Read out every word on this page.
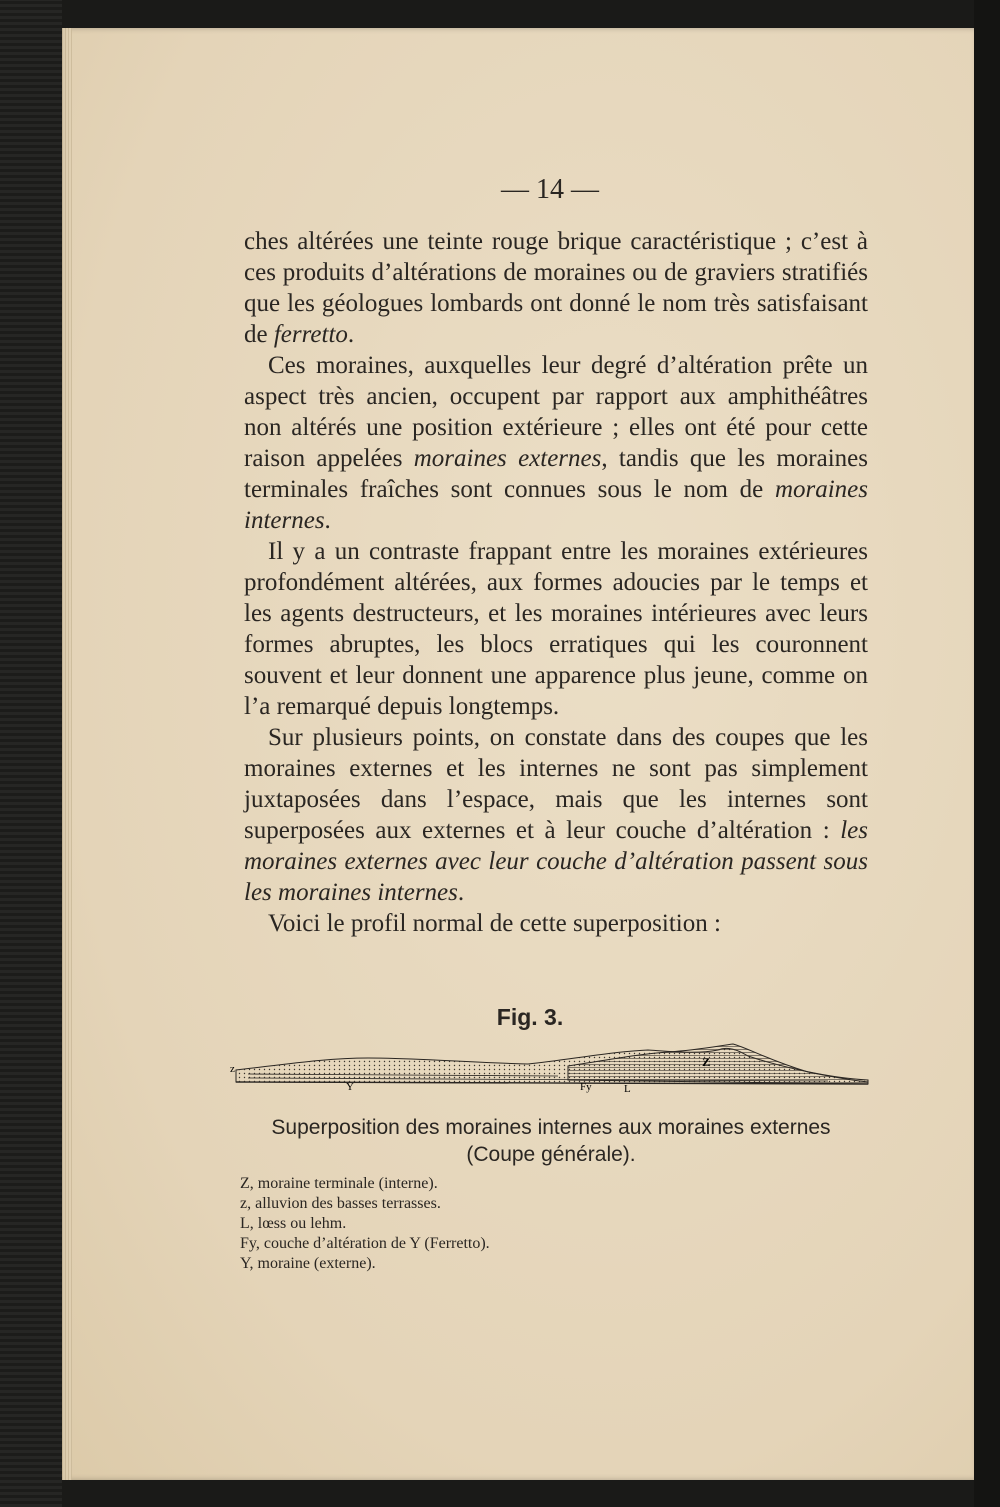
— 14 —

ches altérées une teinte rouge brique caractéristique ; c’est à ces produits d’altérations de moraines ou de graviers stratifiés que les géologues lombards ont donné le nom très satisfaisant de ferretto.

Ces moraines, auxquelles leur degré d’altération prête un aspect très ancien, occupent par rapport aux amphithéâtres non altérés une position extérieure ; elles ont été pour cette raison appelées moraines externes, tandis que les moraines terminales fraîches sont connues sous le nom de moraines internes.

Il y a un contraste frappant entre les moraines extérieures profondément altérées, aux formes adoucies par le temps et les agents destructeurs, et les moraines intérieures avec leurs formes abruptes, les blocs erratiques qui les couronnent souvent et leur donnent une apparence plus jeune, comme on l’a remarqué depuis longtemps.

Sur plusieurs points, on constate dans des coupes que les moraines externes et les internes ne sont pas simplement juxtaposées dans l’espace, mais que les internes sont superposées aux externes et à leur couche d’altération : les moraines externes avec leur couche d’altération passent sous les moraines internes.

Voici le profil normal de cette superposition :

Fig. 3.
z	Z
Y	Fy	L
Superposition des moraines internes aux moraines externes
(Coupe générale).
Z, moraine terminale (interne).
z, alluvion des basses terrasses.
L, lœss ou lehm.
Fy, couche d’altération de Y (Ferretto).
Y, moraine (externe).
